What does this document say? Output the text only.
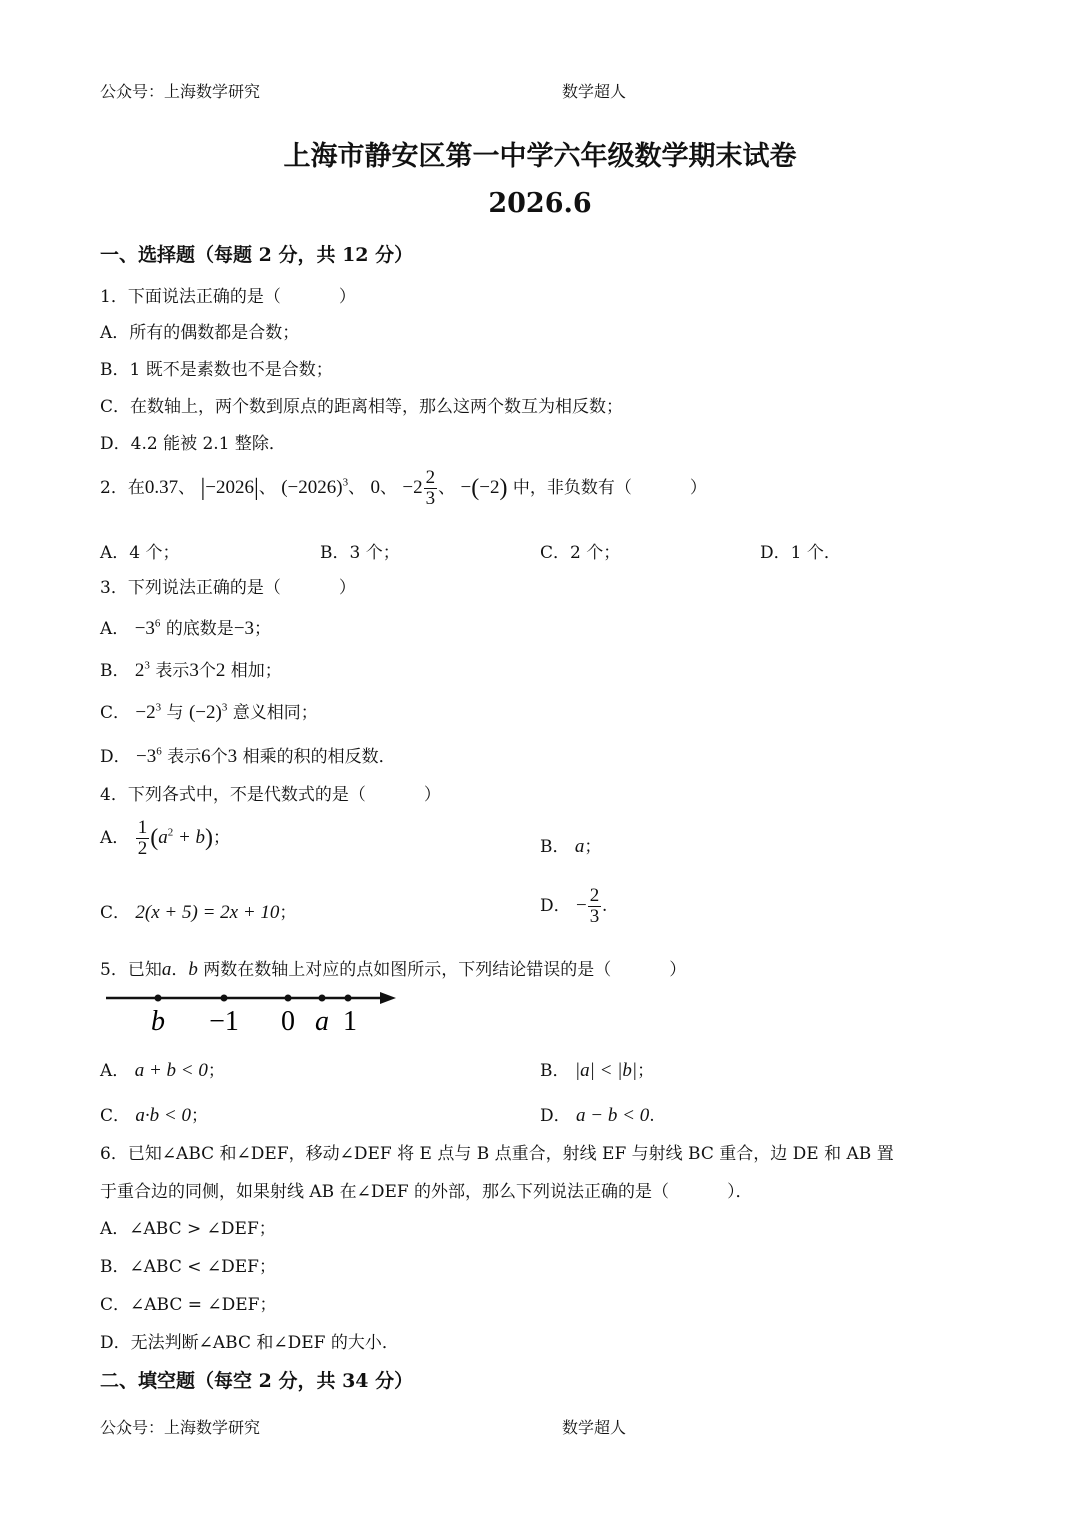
公众号：上海数学研究	数学超人
上海市静安区第一中学六年级数学期末试卷
2026.6
一、选择题（每题 2 分，共 12 分）
1．下面说法正确的是（	）
A．所有的偶数都是合数；
B．1 既不是素数也不是合数；
C．在数轴上，两个数到原点的距离相等，那么这两个数互为相反数；
D．4.2 能被 2.1 整除．
2．在0.37、 |−2026|、 $(-2026)^3$、 0、 $-2 \frac{2}{3}$ 、 −(−2) 中，非负数有（	）
A．4 个；	B．3 个；	C．2 个；	D．1 个．
3．下列说法正确的是（	）
A． $-3^6$ 的底数是−3；
B． $2^3$ 表示3个2 相加；
C． $-2^3$ 与 $(-2)^3$ 意义相同；
D． $-3^6$ 表示6个3 相乘的积的相反数．
4．下列各式中，不是代数式的是（	）
A． $\frac{1}{2} (a^2 + b)$；	B． a；
C． 2(x + 5) = 2x + 10；	D． − $\frac{2}{3}$ .
5．已知a．b 两数在数轴上对应的点如图所示，下列结论错误的是（	）
b −1 0 a 1
A． a + b < 0；	B． |a| < |b|；
C． a·b < 0；	D． a − b < 0.
6．已知∠ABC 和∠DEF，移动∠DEF 将 E 点与 B 点重合，射线 EF 与射线 BC 重合，边 DE 和 AB 置
于重合边的同侧，如果射线 AB 在∠DEF 的外部，那么下列说法正确的是（	）．
A．∠ABC > ∠DEF；
B．∠ABC < ∠DEF；
C．∠ABC = ∠DEF；
D．无法判断∠ABC 和∠DEF 的大小．
二、填空题（每空 2 分，共 34 分）
公众号：上海数学研究	数学超人
